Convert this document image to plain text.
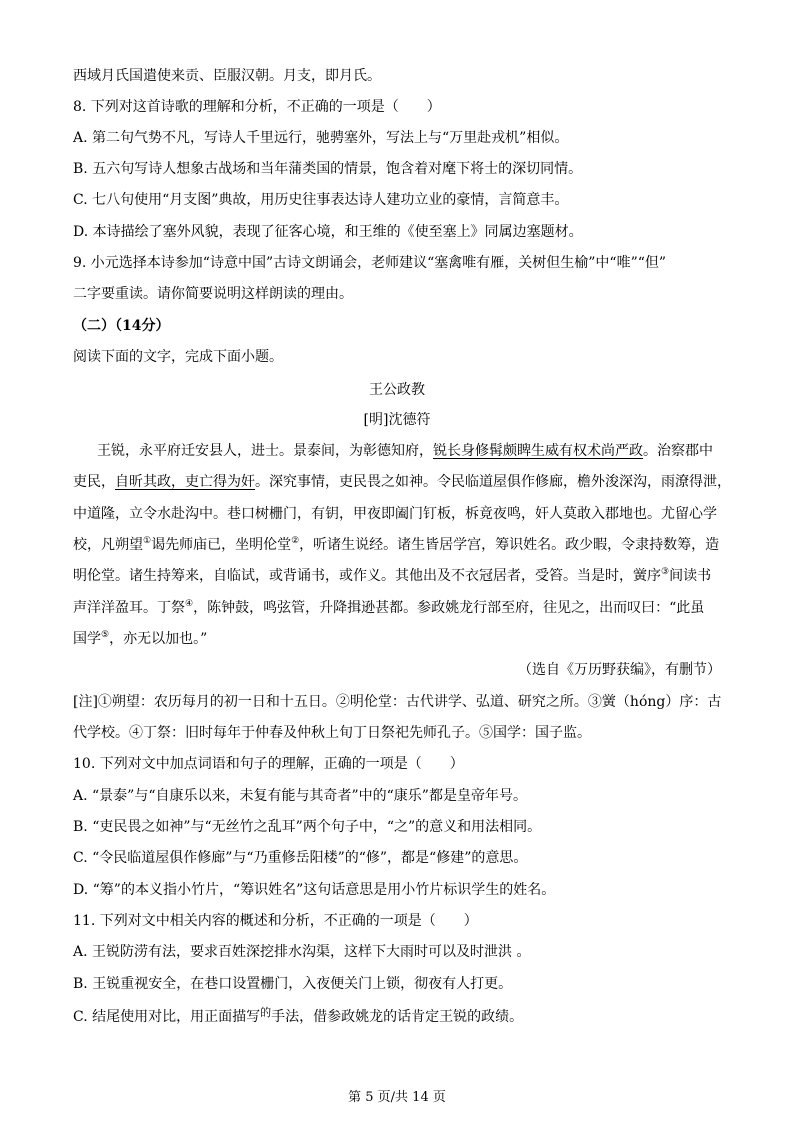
西域月氏国遣使来贡、臣服汉朝。月支，即月氏。
8. 下列对这首诗歌的理解和分析，不正确的一项是（　　）
A. 第二句气势不凡，写诗人千里远行，驰骋塞外，写法上与“万里赴戎机”相似。
B. 五六句写诗人想象古战场和当年蒲类国的情景，饱含着对麾下将士的深切同情。
C. 七八句使用“月支图”典故，用历史往事表达诗人建功立业的豪情，言简意丰。
D. 本诗描绘了塞外风貌，表现了征客心境，和王维的《使至塞上》同属边塞题材。
9. 小元选择本诗参加“诗意中国”古诗文朗诵会，老师建议“塞禽唯有雁，关树但生榆”中“唯”“但”
二字要重读。请你简要说明这样朗读的理由。
（二）（14分）
阅读下面的文字，完成下面小题。
王公政教
[明]沈德符
王锐，永平府迁安县人，进士。景泰间，为彰德知府，锐长身修髯颇睥生威有权术尚严政。治察郡中
吏民，自昕其政，吏亡得为奸。深究事情，吏民畏之如神。令民临道屋俱作修廊，檐外浚深沟，雨潦得泄，
中道隆，立令水赴沟中。巷口树栅门，有钥，甲夜即阖门钉板，柝竟夜鸣，奸人莫敢入郡地也。尤留心学
校，凡朔望①谒先师庙已，坐明伦堂②，听诸生说经。诸生皆居学宫，筹识姓名。政少暇，令隶持数筹，造
明伦堂。诸生持筹来，自临试，或背诵书，或作义。其他出及不衣冠居者，受笞。当是时，黉序③间读书
声洋洋盈耳。丁祭④，陈钟鼓，鸣弦管，升降揖逊甚都。参政姚龙行部至府，往见之，出而叹曰：“此虽
国学⑤，亦无以加也。”
（选自《万历野获编》，有删节）
[注]①朔望：农历每月的初一日和十五日。②明伦堂：古代讲学、弘道、研究之所。③黉（hóng）序：古
代学校。④丁祭：旧时每年于仲春及仲秋上旬丁日祭祀先师孔子。⑤国学：国子监。
10. 下列对文中加点词语和句子的理解，正确的一项是（　　）
A. “景泰”与“自康乐以来，未复有能与其奇者”中的“康乐”都是皇帝年号。
B. “吏民畏之如神”与“无丝竹之乱耳”两个句子中，“之”的意义和用法相同。
C. “令民临道屋俱作修廊”与“乃重修岳阳楼”的“修”，都是“修建”的意思。
D. “筹”的本义指小竹片，“筹识姓名”这句话意思是用小竹片标识学生的姓名。
11. 下列对文中相关内容的概述和分析，不正确的一项是（　　）
A. 王锐防涝有法，要求百姓深挖排水沟渠，这样下大雨时可以及时泄洪 。
B. 王锐重视安全，在巷口设置栅门，入夜便关门上锁，彻夜有人打更。
C. 结尾使用对比，用正面描写$^的$手法，借参政姚龙的话肯定王锐的政绩。
第 5 页/共 14 页
